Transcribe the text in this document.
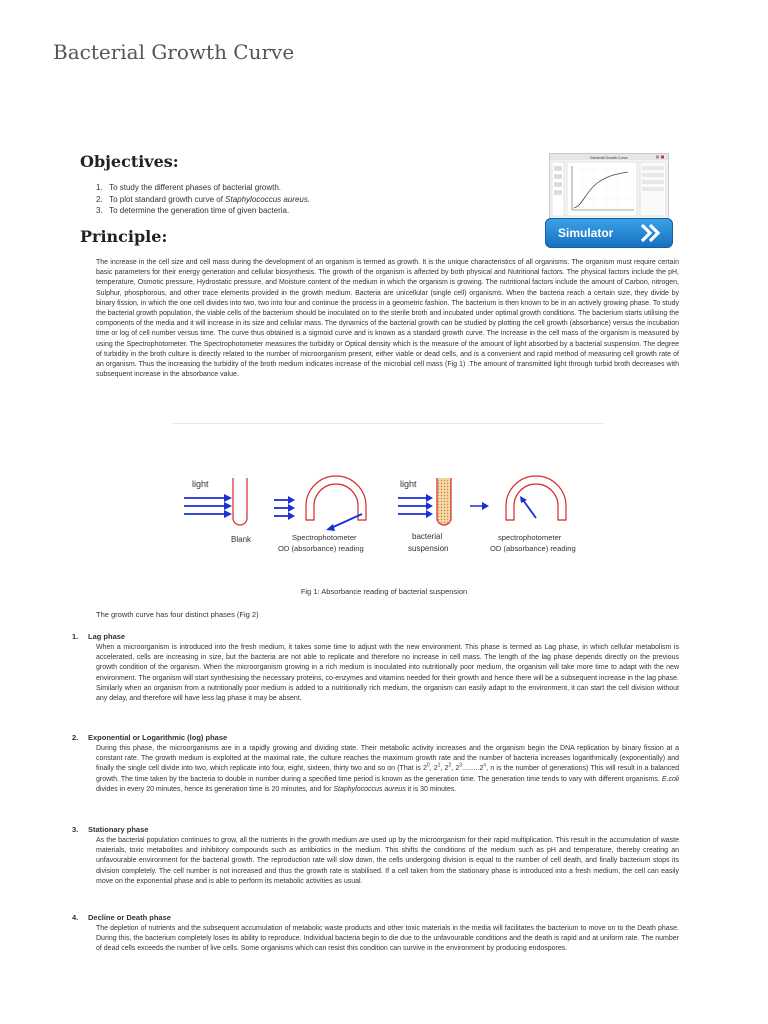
Bacterial Growth Curve
Objectives:
1. To study the different phases of bacterial growth.
2. To plot standard growth curve of Staphylococcus aureus.
3. To determine the generation time of given bacteria.
Bacterial Growth Curve
Simulator
Principle:

The increase in the cell size and cell mass during the development of an organism is termed as growth. It is the unique characteristics of all organisms. The organism must require certain basic parameters for their energy generation and cellular biosynthesis. The growth of the organism is affected by both physical and Nutritional factors. The physical factors include the pH, temperature, Osmotic pressure, Hydrostatic pressure, and Moisture content of the medium in which the organism is growing. The nutritional factors include the amount of Carbon, nitrogen, Sulphur, phosphorous, and other trace elements provided in the growth medium. Bacteria are unicellular (single cell) organisms. When the bacteria reach a certain size, they divide by binary fission, in which the one cell divides into two, two into four and continue the process in a geometric fashion. The bacterium is then known to be in an actively growing phase. To study the bacterial growth population, the viable cells of the bacterium should be inoculated on to the sterile broth and incubated under optimal growth conditions. The bacterium starts utilising the components of the media and it will increase in its size and cellular mass. The dynamics of the bacterial growth can be studied by plotting the cell growth (absorbance) versus the incubation time or log of cell number versus time. The curve thus obtained is a sigmoid curve and is known as a standard growth curve. The increase in the cell mass of the organism is measured by using the Spectrophotometer. The Spectrophotometer measures the turbidity or Optical density which is the measure of the amount of light absorbed by a bacterial suspension. The degree of turbidity in the broth culture is directly related to the number of microorganism present, either viable or dead cells, and is a convenient and rapid method of measuring cell growth rate of an organism. Thus the increasing the turbidity of the broth medium indicates increase of the microbial cell mass (Fig 1) .The amount of transmitted light through turbid broth decreases with subsequent increase in the absorbance value.

light
Blank	Spectrophotometer
OD (absorbance) reading
light
bacterial
suspension
spectrophotometer
OD (absorbance) reading
Fig 1: Absorbance reading of bacterial suspension
The growth curve has four distinct phases (Fig 2)
1. Lag phase

When a microorganism is introduced into the fresh medium, it takes some time to adjust with the new environment. This phase is termed as Lag phase, in which cellular metabolism is accelerated, cells are increasing in size, but the bacteria are not able to replicate and therefore no increase in cell mass. The length of the lag phase depends directly on the previous growth condition of the organism. When the microorganism growing in a rich medium is inoculated into nutritionally poor medium, the organism will take more time to adapt with the new environment. The organism will start synthesising the necessary proteins, co-enzymes and vitamins needed for their growth and hence there will be a subsequent increase in the lag phase. Similarly when an organism from a nutritionally poor medium is added to a nutritionally rich medium, the organism can easily adapt to the environment, it can start the cell division without any delay, and therefore will have less lag phase it may be absent.

2. Exponential or Logarithmic (log) phase

During this phase, the microorganisms are in a rapidly growing and dividing state. Their metabolic activity increases and the organism begin the DNA replication by binary fission at a constant rate. The growth medium is exploited at the maximal rate, the culture reaches the maximum growth rate and the number of bacteria increases logarithmically (exponentially) and finally the single cell divide into two, which replicate into four, eight, sixteen, thirty two and so on (That is $2^0$, $2^1$, $2^2$, $2^3.........2^n$, n is the number of generations) This will result in a balanced growth. The time taken by the bacteria to double in number during a specified time period is known as the generation time. The generation time tends to vary with different organisms. E.coli divides in every 20 minutes, hence its generation time is 20 minutes, and for Staphylococcus aureus it is 30 minutes.

3. Stationary phase

As the bacterial population continues to grow, all the nutrients in the growth medium are used up by the microorganism for their rapid multiplication. This result in the accumulation of waste materials, toxic metabolites and inhibitory compounds such as antibiotics in the medium. This shifts the conditions of the medium such as pH and temperature, thereby creating an unfavourable environment for the bacterial growth. The reproduction rate will slow down, the cells undergoing division is equal to the number of cell death, and finally bacterium stops its division completely. The cell number is not increased and thus the growth rate is stabilised. If a cell taken from the stationary phase is introduced into a fresh medium, the cell can easily move on the exponential phase and is able to perform its metabolic activities as usual.

4. Decline or Death phase

The depletion of nutrients and the subsequent accumulation of metabolic waste products and other toxic materials in the media will facilitates the bacterium to move on to the Death phase. During this, the bacterium completely loses its ability to reproduce. Individual bacteria begin to die due to the unfavourable conditions and the death is rapid and at uniform rate. The number of dead cells exceeds the number of live cells. Some organisms which can resist this condition can survive in the environment by producing endospores.
